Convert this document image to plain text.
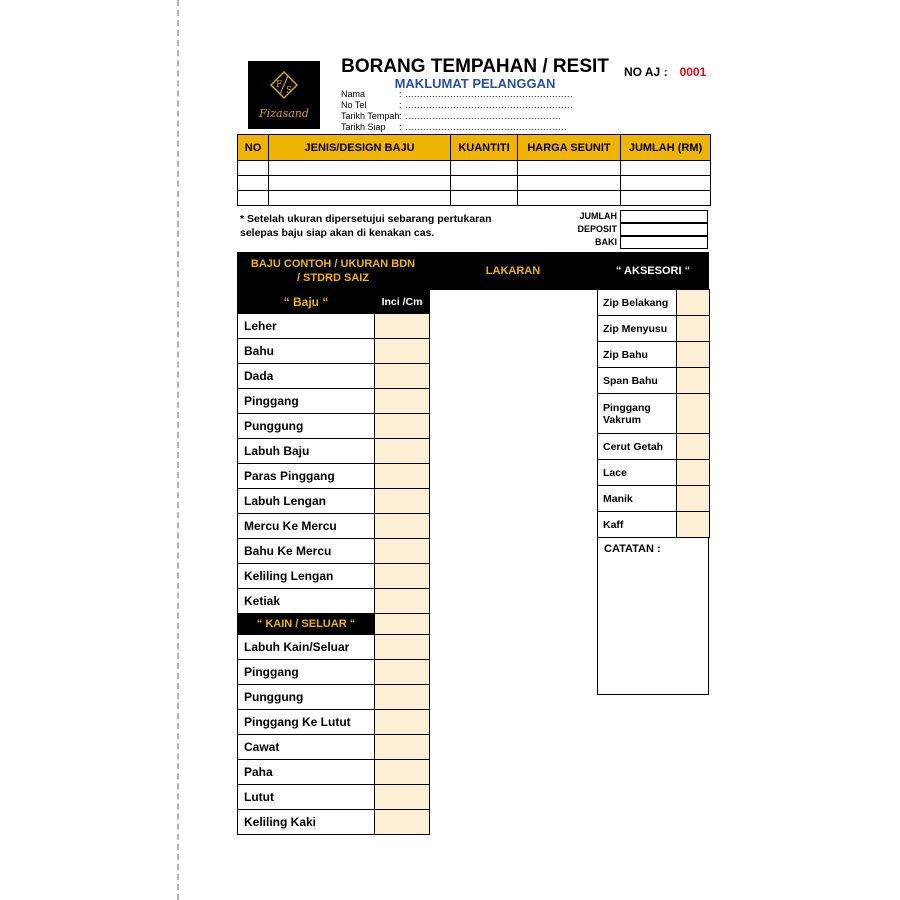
F
S
Fizasand
BORANG TEMPAHAN / RESIT
MAKLUMAT PELANGGAN
NO AJ : 0001
Nama	: ........................................................
No Tel	: ........................................................
Tarikh Tempah: ....................................................
Tarikh Siap : ......................................................
NO	JENIS/DESIGN BAJU	KUANTITI	HARGA SEUNIT	JUMLAH (RM)

* Setelah ukuran dipersetujui sebarang pertukaran
selepas baju siap akan di kenakan cas.
JUMLAH
DEPOSIT
BAKI
BAJU CONTOH / UKURAN BDN / STDRD SAIZ
LAKARAN	“ AKSESORI “
“ Baju “	Inci /Cm
Leher	
Bahu	
Dada	
Pinggang	
Punggung	
Labuh Baju	
Paras Pinggang	
Labuh Lengan	
Mercu Ke Mercu	
Bahu Ke Mercu	
Keliling Lengan	
Ketiak	
“ KAIN / SELUAR “	
Labuh Kain/Seluar	
Pinggang	
Punggung	
Pinggang Ke Lutut	
Cawat	
Paha	
Lutut	
Keliling Kaki	
Zip Belakang	
Zip Menyusu	
Zip Bahu	
Span Bahu	
Pinggang Vakrum	
Cerut Getah	
Lace	
Manik	
Kaff	
CATATAN :
